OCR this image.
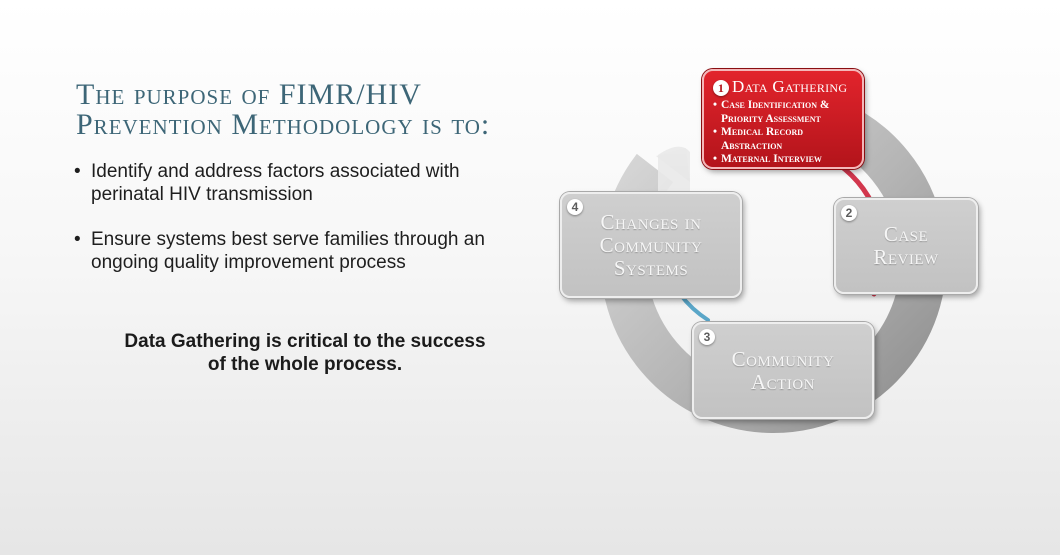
The purpose of FIMR/HIV
Prevention Methodology is to:
• Identify and address factors associated with
perinatal HIV transmission
• Ensure systems best serve families through an
ongoing quality improvement process

Data Gathering is critical to the success
of the whole process.

1 Data Gathering
• Case Identification &
Priority Assessment
• Medical Record
Abstraction
• Maternal Interview
2
Case
Review
3
Community
Action
4
Changes in
Community
Systems
